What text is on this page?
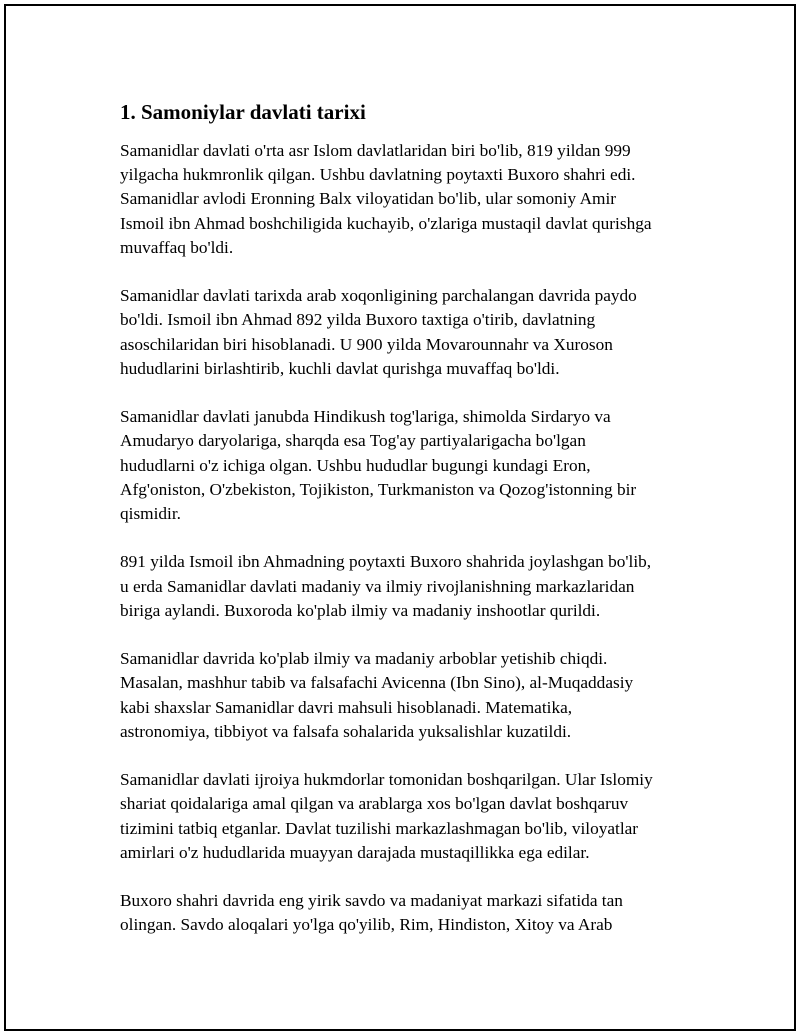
1. Samoniylar davlati tarixi

Samanidlar davlati o'rta asr Islom davlatlaridan biri bo'lib, 819 yildan 999
yilgacha hukmronlik qilgan. Ushbu davlatning poytaxti Buxoro shahri edi.
Samanidlar avlodi Eronning Balx viloyatidan bo'lib, ular somoniy Amir
Ismoil ibn Ahmad boshchiligida kuchayib, o'zlariga mustaqil davlat qurishga
muvaffaq bo'ldi.

Samanidlar davlati tarixda arab xoqonligining parchalangan davrida paydo
bo'ldi. Ismoil ibn Ahmad 892 yilda Buxoro taxtiga o'tirib, davlatning
asoschilaridan biri hisoblanadi. U 900 yilda Movarounnahr va Xuroson
hududlarini birlashtirib, kuchli davlat qurishga muvaffaq bo'ldi.

Samanidlar davlati janubda Hindikush tog'lariga, shimolda Sirdaryo va
Amudaryo daryolariga, sharqda esa Tog'ay partiyalarigacha bo'lgan
hududlarni o'z ichiga olgan. Ushbu hududlar bugungi kundagi Eron,
Afg'oniston, O'zbekiston, Tojikiston, Turkmaniston va Qozog'istonning bir
qismidir.

891 yilda Ismoil ibn Ahmadning poytaxti Buxoro shahrida joylashgan bo'lib,
u erda Samanidlar davlati madaniy va ilmiy rivojlanishning markazlaridan
biriga aylandi. Buxoroda ko'plab ilmiy va madaniy inshootlar qurildi.

Samanidlar davrida ko'plab ilmiy va madaniy arboblar yetishib chiqdi.
Masalan, mashhur tabib va falsafachi Avicenna (Ibn Sino), al-Muqaddasiy
kabi shaxslar Samanidlar davri mahsuli hisoblanadi. Matematika,
astronomiya, tibbiyot va falsafa sohalarida yuksalishlar kuzatildi.

Samanidlar davlati ijroiya hukmdorlar tomonidan boshqarilgan. Ular Islomiy
shariat qoidalariga amal qilgan va arablarga xos bo'lgan davlat boshqaruv
tizimini tatbiq etganlar. Davlat tuzilishi markazlashmagan bo'lib, viloyatlar
amirlari o'z hududlarida muayyan darajada mustaqillikka ega edilar.

Buxoro shahri davrida eng yirik savdo va madaniyat markazi sifatida tan
olingan. Savdo aloqalari yo'lga qo'yilib, Rim, Hindiston, Xitoy va Arab
